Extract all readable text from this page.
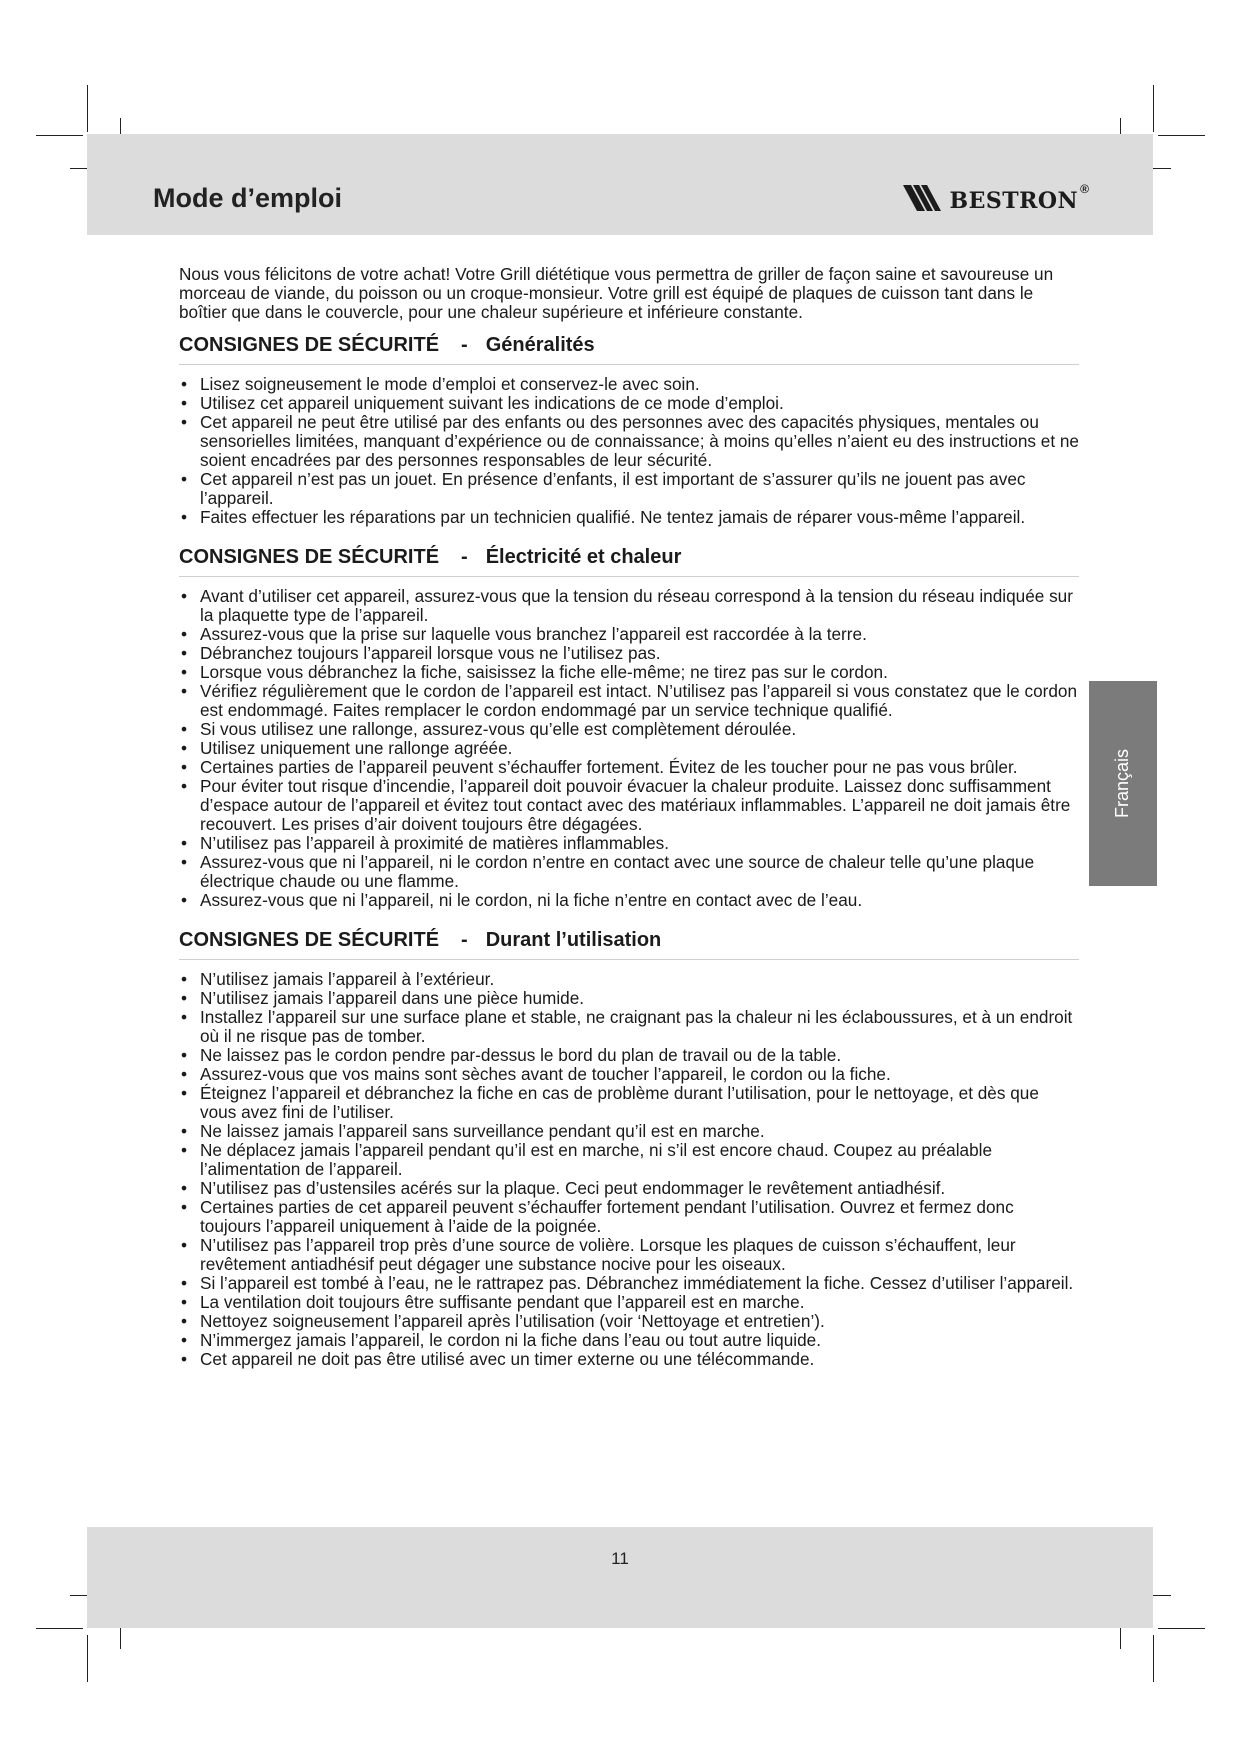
Mode d’emploi	bestron ®
Français

Nous vous félicitons de votre achat! Votre Grill diététique vous permettra de griller de façon saine et savoureuse un morceau de viande, du poisson ou un croque-monsieur. Votre grill est équipé de plaques de cuisson tant dans le boîtier que dans le couvercle, pour une chaleur supérieure et inférieure constante.

CONSIGNES DE SÉCURITÉ - Généralités
• Lisez soigneusement le mode d’emploi et conservez-le avec soin.
• Utilisez cet appareil uniquement suivant les indications de ce mode d’emploi.
• Cet appareil ne peut être utilisé par des enfants ou des personnes avec des capacités physiques, mentales ou sensorielles limitées, manquant d’expérience ou de connaissance; à moins qu’elles n’aient eu des instructions et ne soient encadrées par des personnes responsables de leur sécurité.
• Cet appareil n’est pas un jouet. En présence d’enfants, il est important de s’assurer qu’ils ne jouent pas avec l’appareil.
• Faites effectuer les réparations par un technicien qualifié. Ne tentez jamais de réparer vous-même l’appareil.
CONSIGNES DE SÉCURITÉ - Électricité et chaleur
• Avant d’utiliser cet appareil, assurez-vous que la tension du réseau correspond à la tension du réseau indiquée sur la plaquette type de l’appareil.
• Assurez-vous que la prise sur laquelle vous branchez l’appareil est raccordée à la terre.
• Débranchez toujours l’appareil lorsque vous ne l’utilisez pas.
• Lorsque vous débranchez la fiche, saisissez la fiche elle-même; ne tirez pas sur le cordon.
• Vérifiez régulièrement que le cordon de l’appareil est intact. N’utilisez pas l’appareil si vous constatez que le cordon est endommagé. Faites remplacer le cordon endommagé par un service technique qualifié.
• Si vous utilisez une rallonge, assurez-vous qu’elle est complètement déroulée.
• Utilisez uniquement une rallonge agréée.
• Certaines parties de l’appareil peuvent s’échauffer fortement. Évitez de les toucher pour ne pas vous brûler.
• Pour éviter tout risque d’incendie, l’appareil doit pouvoir évacuer la chaleur produite. Laissez donc suffisamment d’espace autour de l’appareil et évitez tout contact avec des matériaux inflammables. L’appareil ne doit jamais être recouvert. Les prises d’air doivent toujours être dégagées.
• N’utilisez pas l’appareil à proximité de matières inflammables.
• Assurez-vous que ni l’appareil, ni le cordon n’entre en contact avec une source de chaleur telle qu’une plaque électrique chaude ou une flamme.
• Assurez-vous que ni l’appareil, ni le cordon, ni la fiche n’entre en contact avec de l’eau.
CONSIGNES DE SÉCURITÉ - Durant l’utilisation
• N’utilisez jamais l’appareil à l’extérieur.
• N’utilisez jamais l’appareil dans une pièce humide.
• Installez l’appareil sur une surface plane et stable, ne craignant pas la chaleur ni les éclaboussures, et à un endroit où il ne risque pas de tomber.
• Ne laissez pas le cordon pendre par-dessus le bord du plan de travail ou de la table.
• Assurez-vous que vos mains sont sèches avant de toucher l’appareil, le cordon ou la fiche.
• Éteignez l’appareil et débranchez la fiche en cas de problème durant l’utilisation, pour le nettoyage, et dès que vous avez fini de l’utiliser.
• Ne laissez jamais l’appareil sans surveillance pendant qu’il est en marche.
• Ne déplacez jamais l’appareil pendant qu’il est en marche, ni s’il est encore chaud. Coupez au préalable l’alimentation de l’appareil.
• N’utilisez pas d’ustensiles acérés sur la plaque. Ceci peut endommager le revêtement antiadhésif.
• Certaines parties de cet appareil peuvent s’échauffer fortement pendant l’utilisation. Ouvrez et fermez donc toujours l’appareil uniquement à l’aide de la poignée.
• N’utilisez pas l’appareil trop près d’une source de volière. Lorsque les plaques de cuisson s’échauffent, leur revêtement antiadhésif peut dégager une substance nocive pour les oiseaux.
• Si l’appareil est tombé à l’eau, ne le rattrapez pas. Débranchez immédiatement la fiche. Cessez d’utiliser l’appareil.
• La ventilation doit toujours être suffisante pendant que l’appareil est en marche.
• Nettoyez soigneusement l’appareil après l’utilisation (voir ‘Nettoyage et entretien’).
• N’immergez jamais l’appareil, le cordon ni la fiche dans l’eau ou tout autre liquide.
• Cet appareil ne doit pas être utilisé avec un timer externe ou une télécommande.
11
